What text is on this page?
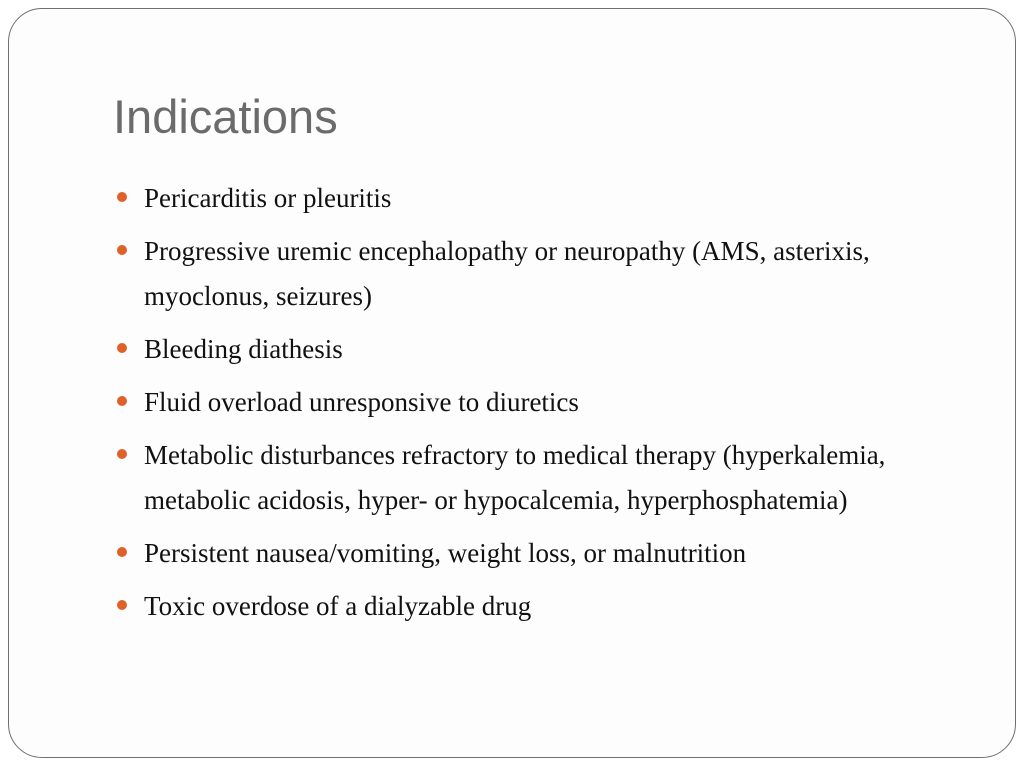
Indications
Pericarditis or pleuritis
Progressive uremic encephalopathy or neuropathy (AMS, asterixis, myoclonus, seizures)
Bleeding diathesis
Fluid overload unresponsive to diuretics
Metabolic disturbances refractory to medical therapy (hyperkalemia, metabolic acidosis, hyper- or hypocalcemia, hyperphosphatemia)
Persistent nausea/vomiting, weight loss, or malnutrition
Toxic overdose of a dialyzable drug
